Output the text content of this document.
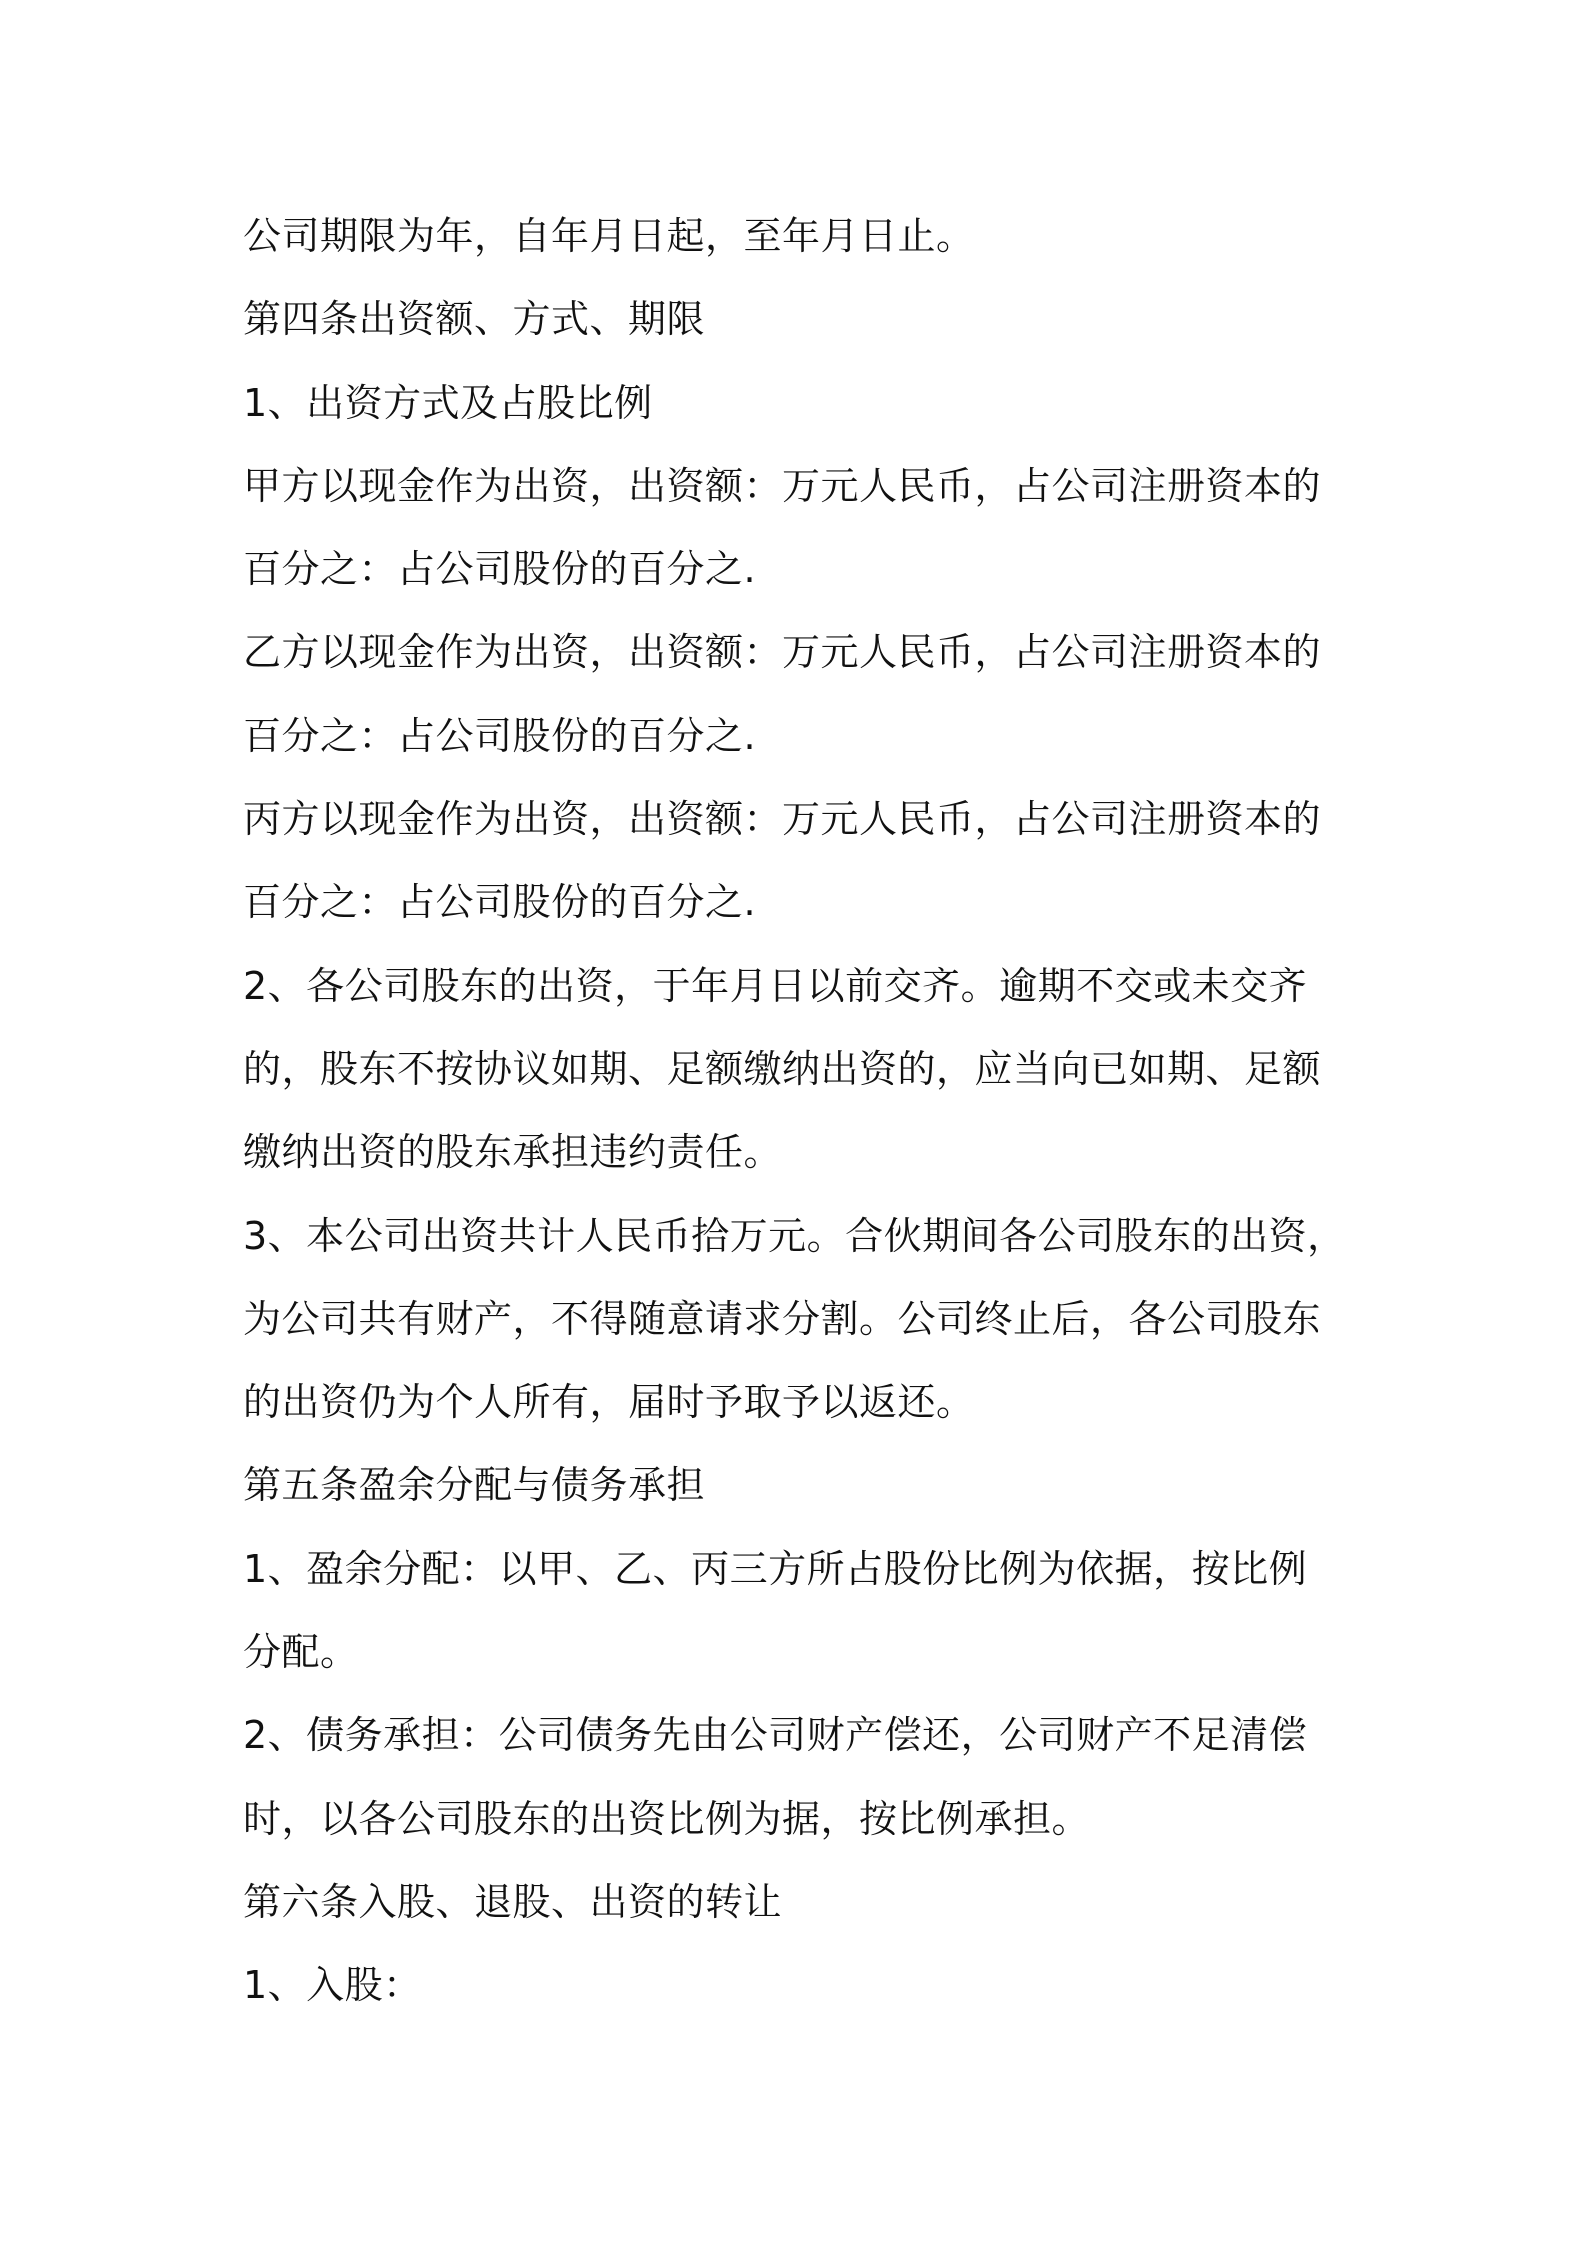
公司期限为年，自年月日起，至年月日止。
第四条出资额、方式、期限
1、出资方式及占股比例
甲方以现金作为出资，出资额：万元人民币，占公司注册资本的
百分之：占公司股份的百分之.
乙方以现金作为出资，出资额：万元人民币，占公司注册资本的
百分之：占公司股份的百分之.
丙方以现金作为出资，出资额：万元人民币，占公司注册资本的
百分之：占公司股份的百分之.
2、各公司股东的出资，于年月日以前交齐。逾期不交或未交齐
的，股东不按协议如期、足额缴纳出资的，应当向已如期、足额
缴纳出资的股东承担违约责任。
3、本公司出资共计人民币拾万元。合伙期间各公司股东的出资，
为公司共有财产，不得随意请求分割。公司终止后，各公司股东
的出资仍为个人所有，届时予取予以返还。
第五条盈余分配与债务承担
1、盈余分配：以甲、乙、丙三方所占股份比例为依据，按比例
分配。
2、债务承担：公司债务先由公司财产偿还，公司财产不足清偿
时，以各公司股东的出资比例为据，按比例承担。
第六条入股、退股、出资的转让
1、入股：
